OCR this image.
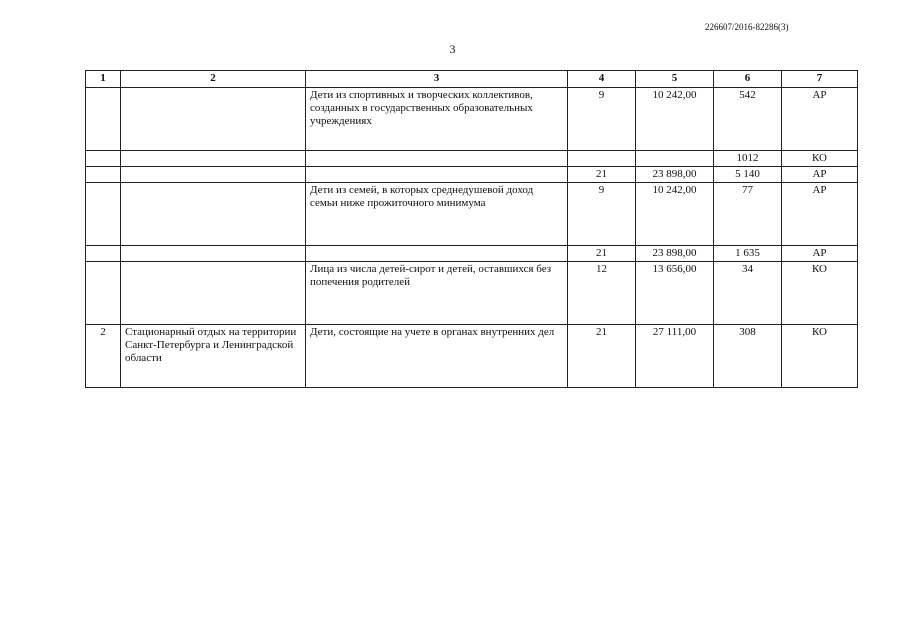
226607/2016-82286(3)
3
1	2	3	4	5	6	7
		Дети из спортивных и творческих коллективов, созданных в государственных образовательных учреждениях	9	10 242,00	542	АР
					1012	КО
			21	23 898,00	5 140	АР
		Дети из семей, в которых среднедушевой доход семьи ниже прожиточного минимума	9	10 242,00	77	АР
			21	23 898,00	1 635	АР
		Лица из числа детей-сирот и детей, оставшихся без попечения родителей	12	13 656,00	34	КО
2	Стационарный отдых на территории Санкт-Петербурга и Ленинградской области	Дети, состоящие на учете в органах внутренних дел	21	27 111,00	308	КО
